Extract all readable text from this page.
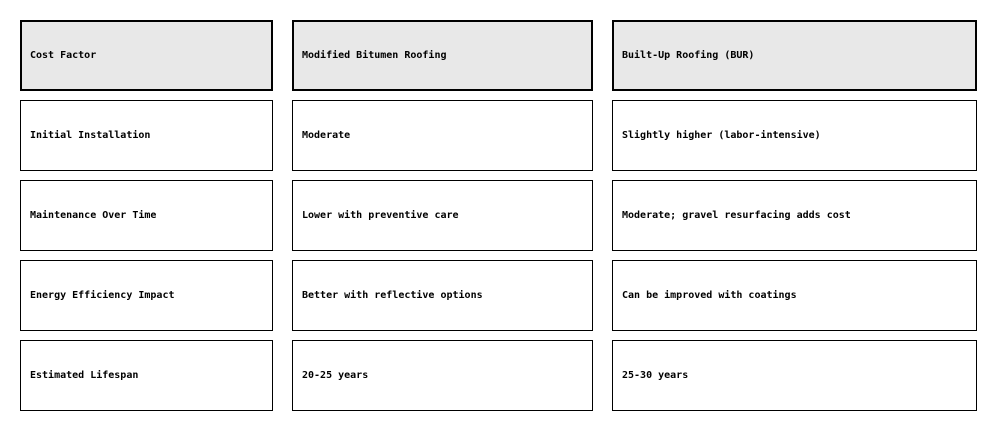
Cost Factor	Modified Bitumen Roofing	Built-Up Roofing (BUR)
Initial Installation	Moderate	Slightly higher (labor-intensive)
Maintenance Over Time	Lower with preventive care	Moderate; gravel resurfacing adds cost
Energy Efficiency Impact	Better with reflective options	Can be improved with coatings
Estimated Lifespan	20-25 years	25-30 years
